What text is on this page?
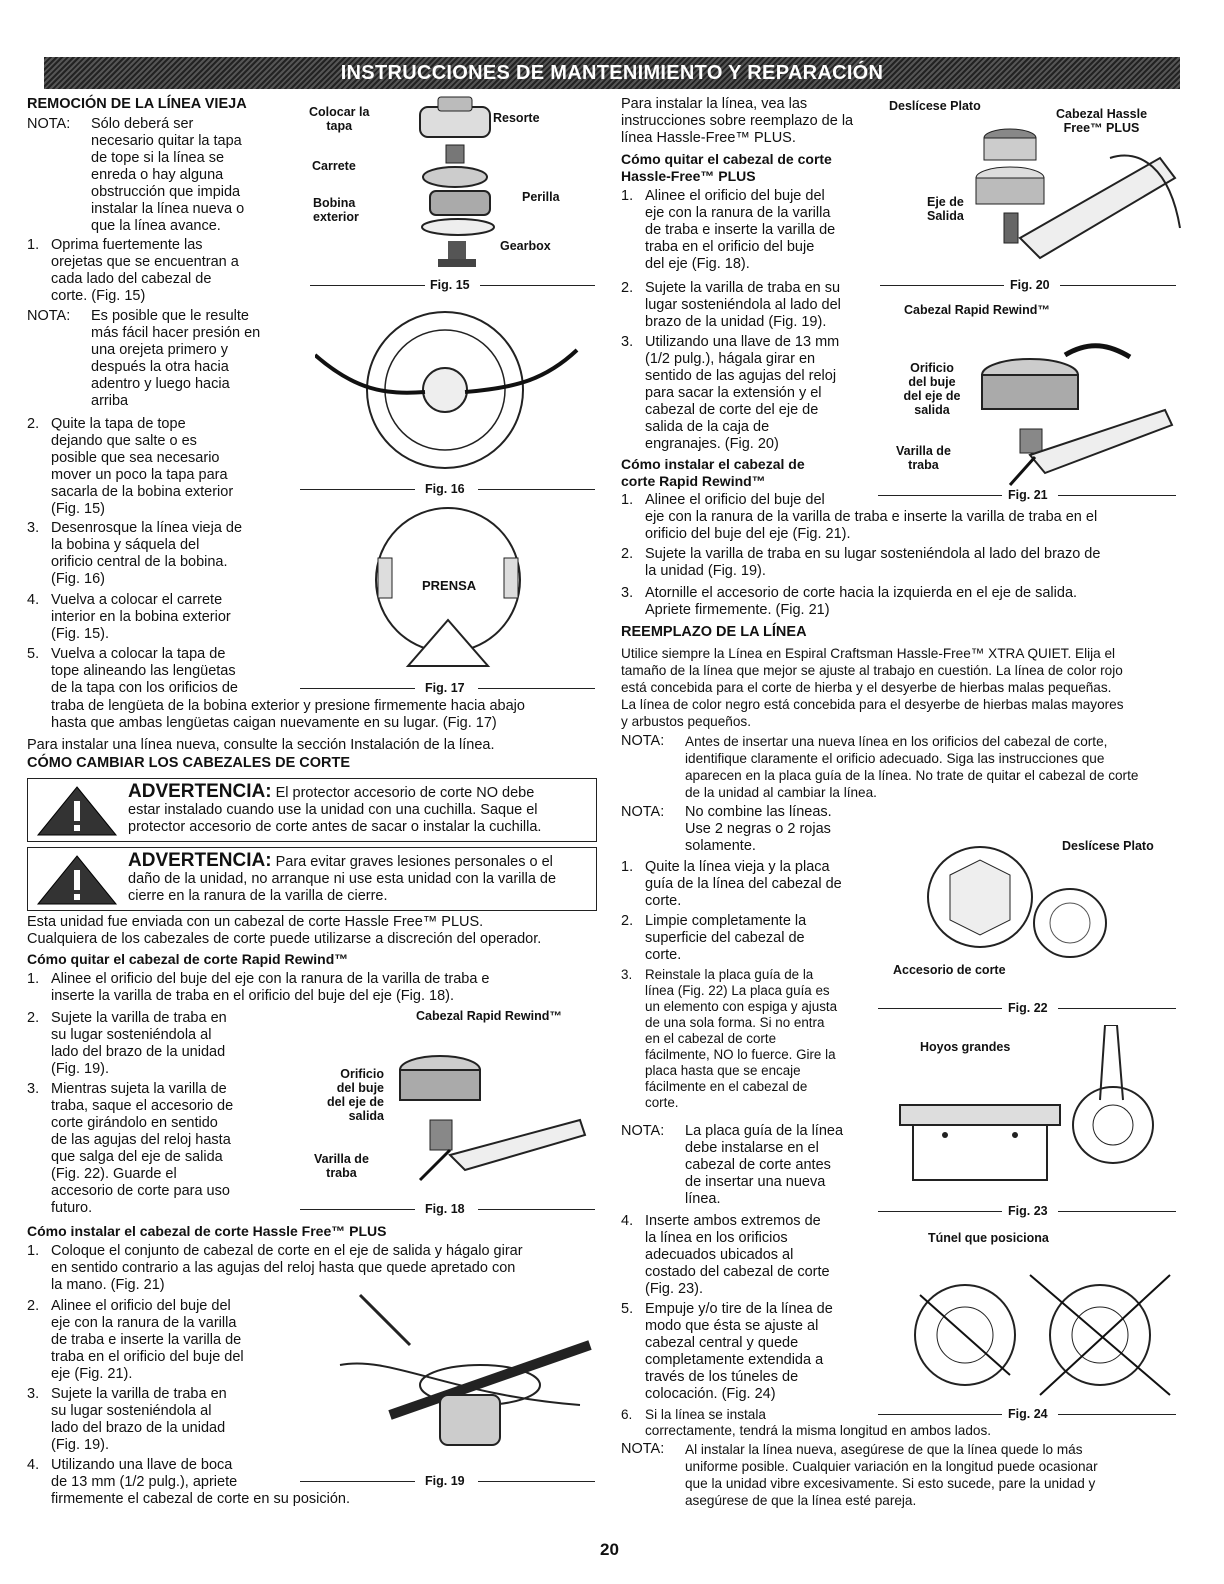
INSTRUCCIONES DE MANTENIMIENTO Y REPARACIÓN
REMOCIÓN DE LA LÍNEA VIEJA
NOTA:	Sólo deberá ser
necesario quitar la tapa
de tope si la línea se
enreda o hay alguna
obstrucción que impida
instalar la línea nueva o
que la línea avance.
1. Oprima fuertemente las
orejetas que se encuentran a
cada lado del cabezal de
corte. (Fig. 15)
NOTA:	Es posible que le resulte
más fácil hacer presión en
una orejeta primero y
después la otra hacia
adentro y luego hacia
arriba
2. Quite la tapa de tope
dejando que salte o es
posible que sea necesario
mover un poco la tapa para
sacarla de la bobina exterior
(Fig. 15)
3. Desenrosque la línea vieja de
la bobina y sáquela del
orificio central de la bobina.
(Fig. 16)
4. Vuelva a colocar el carrete
interior en la bobina exterior
(Fig. 15).
5. Vuelva a colocar la tapa de
tope alineando las lengüetas
de la tapa con los orificios de
traba de lengüeta de la bobina exterior y presione firmemente hacia abajo
hasta que ambas lengüetas caigan nuevamente en su lugar. (Fig. 17)
Para instalar una línea nueva, consulte la sección Instalación de la línea.
CÓMO CAMBIAR LOS CABEZALES DE CORTE
ADVERTENCIA: El protector accesorio de corte NO debe
estar instalado cuando use la unidad con una cuchilla. Saque el
protector accesorio de corte antes de sacar o instalar la cuchilla.
ADVERTENCIA: Para evitar graves lesiones personales o el
daño de la unidad, no arranque ni use esta unidad con la varilla de
cierre en la ranura de la varilla de cierre.
Esta unidad fue enviada con un cabezal de corte Hassle Free™ PLUS.
Cualquiera de los cabezales de corte puede utilizarse a discreción del operador.
Cómo quitar el cabezal de corte Rapid Rewind™
1. Alinee el orificio del buje del eje con la ranura de la varilla de traba e
inserte la varilla de traba en el orificio del buje del eje (Fig. 18).
2. Sujete la varilla de traba en
su lugar sosteniéndola al
lado del brazo de la unidad
(Fig. 19).
3. Mientras sujeta la varilla de
traba, saque el accesorio de
corte girándolo en sentido
de las agujas del reloj hasta
que salga del eje de salida
(Fig. 22). Guarde el
accesorio de corte para uso
futuro.
Cómo instalar el cabezal de corte Hassle Free™ PLUS
1. Coloque el conjunto de cabezal de corte en el eje de salida y hágalo girar
en sentido contrario a las agujas del reloj hasta que quede apretado con
la mano. (Fig. 21)
2. Alinee el orificio del buje del
eje con la ranura de la varilla
de traba e inserte la varilla de
traba en el orificio del buje del
eje (Fig. 21).
3. Sujete la varilla de traba en
su lugar sosteniéndola al
lado del brazo de la unidad
(Fig. 19).
4. Utilizando una llave de boca
de 13 mm (1/2 pulg.), apriete
firmemente el cabezal de corte en su posición.
Colocar la
tapa
Resorte
Carrete
Bobina
exterior
Perilla
Gearbox
Fig. 15
Fig. 16
PRENSA
Fig. 17
Cabezal Rapid Rewind™
Orificio
del buje
del eje de
salida
Varilla de
traba
Fig. 18
Fig. 19
Para instalar la línea, vea las
instrucciones sobre reemplazo de la
línea Hassle-Free™ PLUS.
Cómo quitar el cabezal de corte
Hassle-Free™ PLUS
1. Alinee el orificio del buje del
eje con la ranura de la varilla
de traba e inserte la varilla de
traba en el orificio del buje
del eje (Fig. 18).
2. Sujete la varilla de traba en su
lugar sosteniéndola al lado del
brazo de la unidad (Fig. 19).
3. Utilizando una llave de 13 mm
(1/2 pulg.), hágala girar en
sentido de las agujas del reloj
para sacar la extensión y el
cabezal de corte del eje de
salida de la caja de
engranajes. (Fig. 20)
Cómo instalar el cabezal de
corte Rapid Rewind™
1. Alinee el orificio del buje del
eje con la ranura de la varilla de traba e inserte la varilla de traba en el
orificio del buje del eje (Fig. 21).
2. Sujete la varilla de traba en su lugar sosteniéndola al lado del brazo de
la unidad (Fig. 19).
3. Atornille el accesorio de corte hacia la izquierda en el eje de salida.
Apriete firmemente. (Fig. 21)
REEMPLAZO DE LA LÍNEA
Utilice siempre la Línea en Espiral Craftsman Hassle-Free™ XTRA QUIET. Elija el
tamaño de la línea que mejor se ajuste al trabajo en cuestión. La línea de color rojo
está concebida para el corte de hierba y el desyerbe de hierbas malas pequeñas.
La línea de color negro está concebida para el desyerbe de hierbas malas mayores
y arbustos pequeños.
NOTA:	Antes de insertar una nueva línea en los orificios del cabezal de corte,
identifique claramente el orificio adecuado. Siga las instrucciones que
aparecen en la placa guía de la línea. No trate de quitar el cabezal de corte
de la unidad al cambiar la línea.
NOTA:	No combine las líneas.
Use 2 negras o 2 rojas
solamente.
1. Quite la línea vieja y la placa
guía de la línea del cabezal de
corte.
2. Limpie completamente la
superficie del cabezal de
corte.
3. Reinstale la placa guía de la
línea (Fig. 22) La placa guía es
un elemento con espiga y ajusta
de una sola forma. Si no entra
en el cabezal de corte
fácilmente, NO lo fuerce. Gire la
placa hasta que se encaje
fácilmente en el cabezal de
corte.
NOTA:	La placa guía de la línea
debe instalarse en el
cabezal de corte antes
de insertar una nueva
línea.
4. Inserte ambos extremos de
la línea en los orificios
adecuados ubicados al
costado del cabezal de corte
(Fig. 23).
5. Empuje y/o tire de la línea de
modo que ésta se ajuste al
cabezal central y quede
completamente extendida a
través de los túneles de
colocación. (Fig. 24)
6. Si la línea se instala
correctamente, tendrá la misma longitud en ambos lados.
NOTA:	Al instalar la línea nueva, asegúrese de que la línea quede lo más
uniforme posible. Cualquier variación en la longitud puede ocasionar
que la unidad vibre excesivamente. Si esto sucede, pare la unidad y
asegúrese de que la línea esté pareja.
Deslícese Plato
Cabezal Hassle
Free™ PLUS
Eje de
Salida
Fig. 20
Cabezal Rapid Rewind™
Orificio
del buje
del eje de
salida
Varilla de
traba
Fig. 21
Deslícese Plato
Accesorio de corte
Fig. 22
Hoyos grandes
Fig. 23
Túnel que posiciona
Fig. 24
20
